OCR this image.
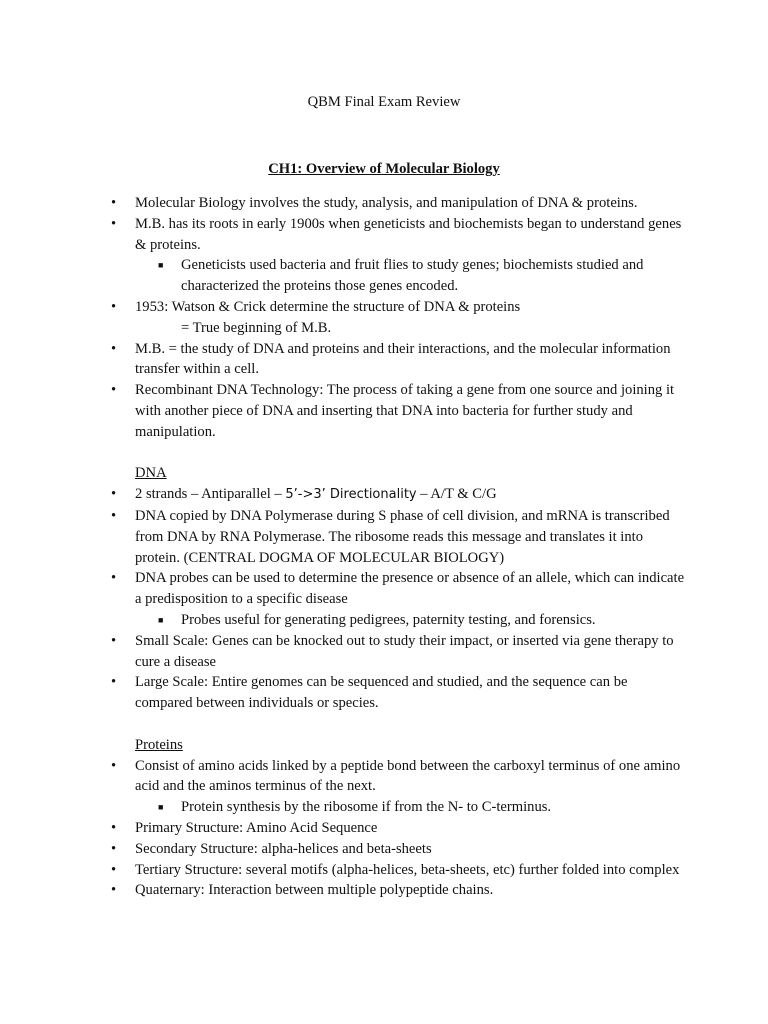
QBM Final Exam Review
CH1: Overview of Molecular Biology
• Molecular Biology involves the study, analysis, and manipulation of DNA & proteins.
• M.B. has its roots in early 1900s when geneticists and biochemists began to understand genes & proteins.
■ Geneticists used bacteria and fruit flies to study genes; biochemists studied and characterized the proteins those genes encoded.
• 1953: Watson & Crick determine the structure of DNA & proteins

= True beginning of M.B.

• M.B. = the study of DNA and proteins and their interactions, and the molecular information transfer within a cell.
• Recombinant DNA Technology: The process of taking a gene from one source and joining it with another piece of DNA and inserting that DNA into bacteria for further study and manipulation.

DNA

• 2 strands – Antiparallel – 5’->3’ Directionality – A/T & C/G
• DNA copied by DNA Polymerase during S phase of cell division, and mRNA is transcribed from DNA by RNA Polymerase. The ribosome reads this message and translates it into protein. (CENTRAL DOGMA OF MOLECULAR BIOLOGY)
• DNA probes can be used to determine the presence or absence of an allele, which can indicate a predisposition to a specific disease
■ Probes useful for generating pedigrees, paternity testing, and forensics.
• Small Scale: Genes can be knocked out to study their impact, or inserted via gene therapy to cure a disease
• Large Scale: Entire genomes can be sequenced and studied, and the sequence can be compared between individuals or species.

Proteins

• Consist of amino acids linked by a peptide bond between the carboxyl terminus of one amino acid and the aminos terminus of the next.
■ Protein synthesis by the ribosome if from the N- to C-terminus.
• Primary Structure: Amino Acid Sequence
• Secondary Structure: alpha-helices and beta-sheets
• Tertiary Structure: several motifs (alpha-helices, beta-sheets, etc) further folded into complex
• Quaternary: Interaction between multiple polypeptide chains.
